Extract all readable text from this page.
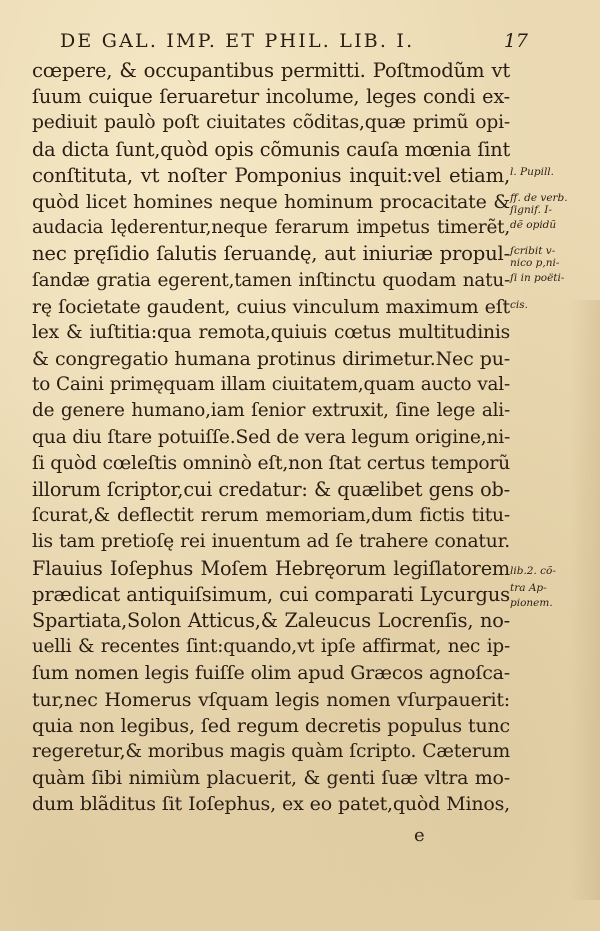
DE GAL. IMP. ET PHIL. LIB. I.	17
cœpere, & occupantibus permitti. Poſtmodũm vt
ſuum cuique ſeruaretur incolume, leges condi ex-
pediuit paulò poſt ciuitates cõditas,quæ primũ opi-
da dicta ſunt,quòd opis cõmunis cauſa mœnia ſint
conſtituta, vt noſter Pomponius inquit:vel etiam,
quòd licet homines neque hominum procacitate &
audacia lęderentur,neque ferarum impetus timerẽt,
nec pręſidio ſalutis ſeruandę, aut iniuriæ propul-
ſandæ gratia egerent,tamen inſtinctu quodam natu-
rę ſocietate gaudent, cuius vinculum maximum eſt
lex & iuſtitia:qua remota,quiuis cœtus multitudinis
& congregatio humana protinus dirimetur.Nec pu-
to Caini primęquam illam ciuitatem,quam aucto val-
de genere humano,iam ſenior extruxit, ſine lege ali-
qua diu ſtare potuiſſe.Sed de vera legum origine,ni-
ſi quòd cœleſtis omninò eſt,non ſtat certus temporũ
illorum ſcriptor,cui credatur: & quælibet gens ob-
ſcurat,& deflectit rerum memoriam,dum fictis titu-
lis tam pretioſę rei inuentum ad ſe trahere conatur.
Flauius Ioſephus Moſem Hebręorum legiſlatorem
prædicat antiquiſsimum, cui comparati Lycurgus
Spartiata,Solon Atticus,& Zaleucus Locrenſis, no-
uelli & recentes ſint:quando,vt ipſe affirmat, nec ip-
ſum nomen legis fuiſſe olim apud Græcos agnoſca-
tur,nec Homerus vſquam legis nomen vſurpauerit:
quia non legibus, ſed regum decretis populus tunc
regeretur,& moribus magis quàm ſcripto. Cæterum
quàm ſibi nimiùm placuerit, & genti ſuæ vltra mo-
dum blãditus ſit Ioſephus, ex eo patet,quòd Minos,
l. Pupill.
ff. de verb.
ſignif. I-
dẽ opidũ
ſcribit v-
nico p,ni-
ſi in poëti-
cis.
lib.2. cõ-
tra Ap-
pionem.
e
